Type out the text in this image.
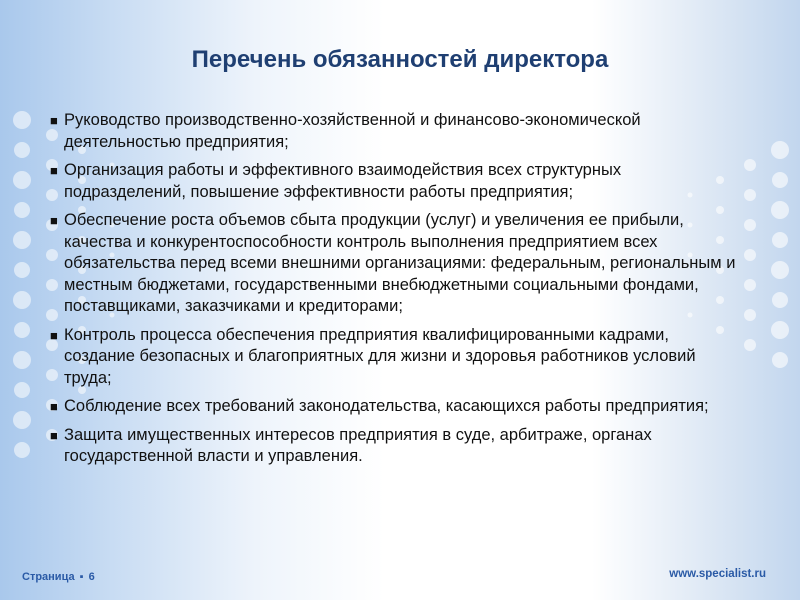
Перечень обязанностей директора
■ Руководство производственно-хозяйственной и финансово-экономической деятельностью предприятия;
■ Организация работы и эффективного взаимодействия всех структурных подразделений, повышение эффективности работы предприятия;
■ Обеспечение роста объемов сбыта продукции (услуг) и увеличения ее прибыли, качества и конкурентоспособности контроль выполнения предприятием всех обязательства перед всеми внешними организациями: федеральным, региональным и местным бюджетами, государственными внебюджетными социальными фондами, поставщиками, заказчиками и кредиторами;
■ Контроль процесса обеспечения предприятия квалифицированными кадрами, создание безопасных и благоприятных для жизни и здоровья работников условий труда;
■ Соблюдение всех требований законодательства, касающихся работы предприятия;
■ Защита имущественных интересов предприятия в суде, арбитраже, органах государственной власти и управления.
Страница ▪ 6	www.specialist.ru
